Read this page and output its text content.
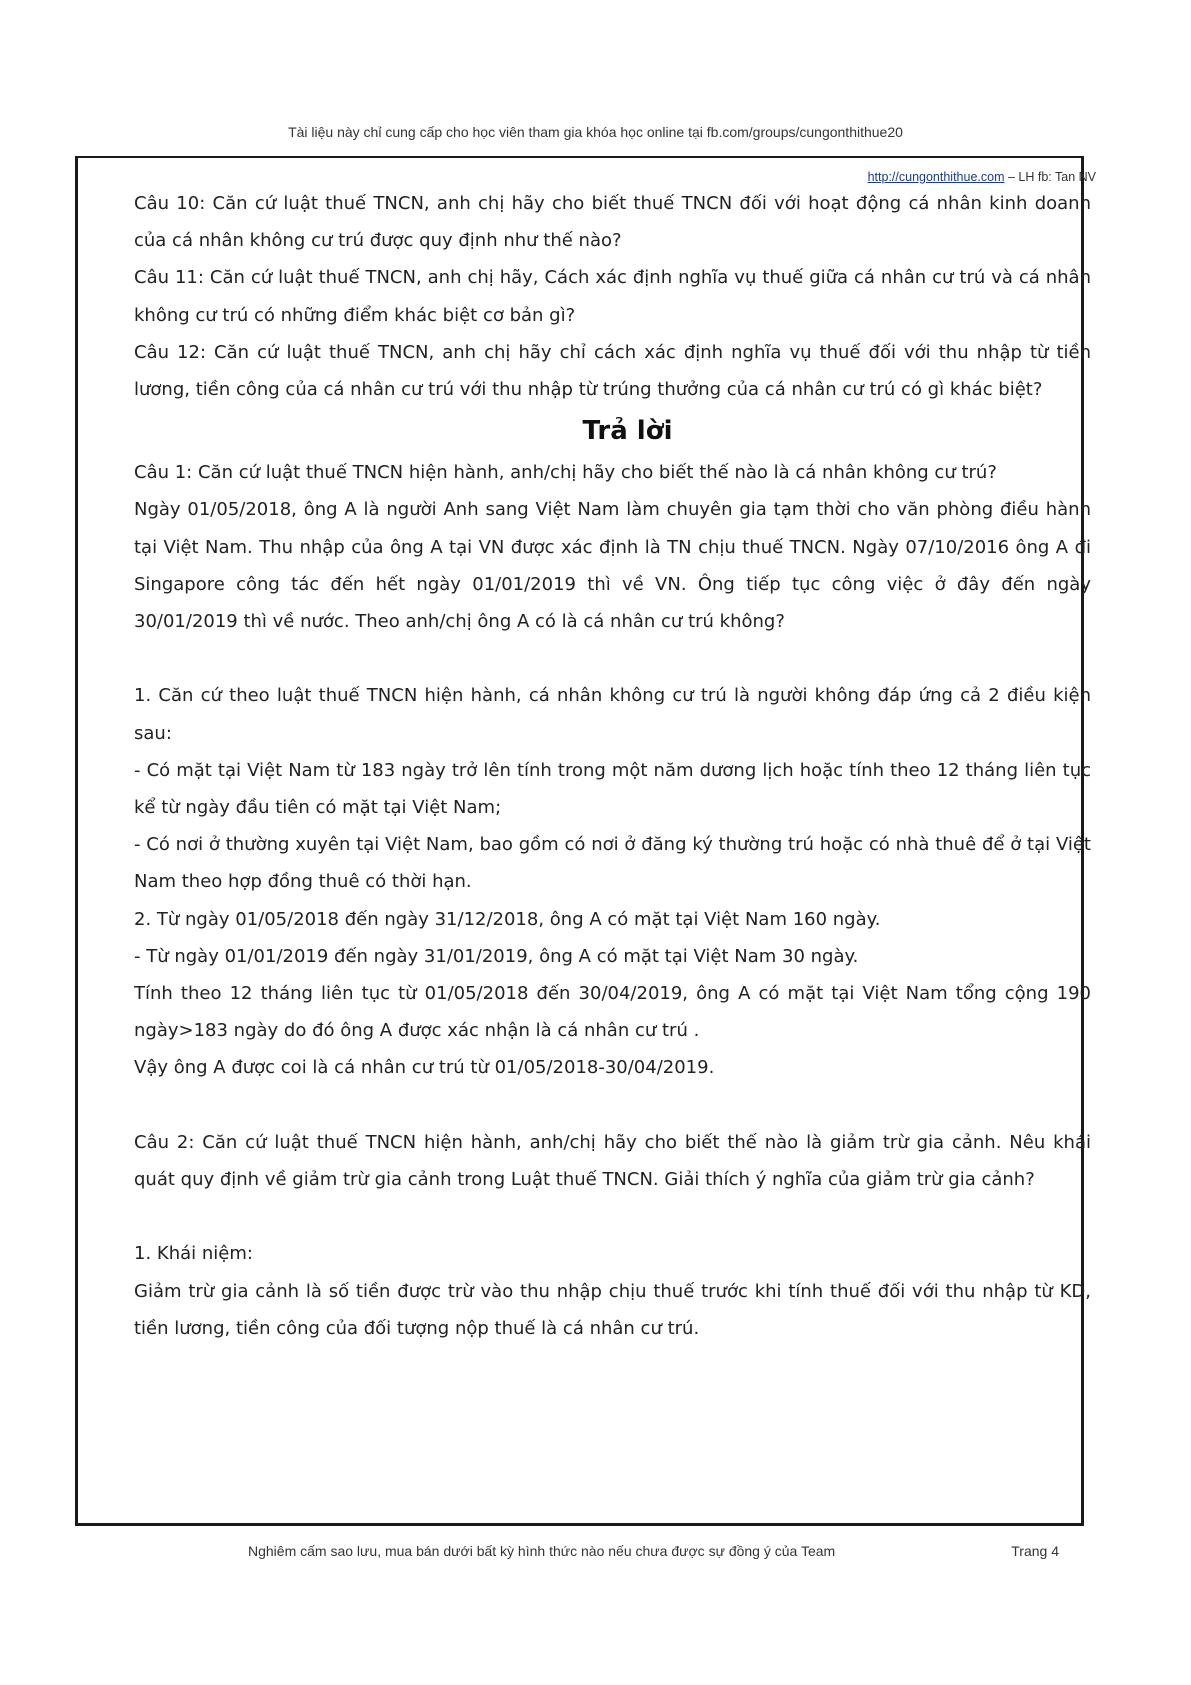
Tài liệu này chỉ cung cấp cho học viên tham gia khóa học online tại fb.com/groups/cungonthithue20
http://cungonthithue.com – LH fb: Tan NV

Câu 10: Căn cứ luật thuế TNCN, anh chị hãy cho biết thuế TNCN đối với hoạt động cá nhân kinh doanh của cá nhân không cư trú được quy định như thế nào?

Câu 11: Căn cứ luật thuế TNCN, anh chị hãy, Cách xác định nghĩa vụ thuế giữa cá nhân cư trú và cá nhân không cư trú có những điểm khác biệt cơ bản gì?

Câu 12: Căn cứ luật thuế TNCN, anh chị hãy chỉ cách xác định nghĩa vụ thuế đối với thu nhập từ tiền lương, tiền công của cá nhân cư trú với thu nhập từ trúng thưởng của cá nhân cư trú có gì khác biệt?

Trả lời

Câu 1: Căn cứ luật thuế TNCN hiện hành, anh/chị hãy cho biết thế nào là cá nhân không cư trú?

Ngày 01/05/2018, ông A là người Anh sang Việt Nam làm chuyên gia tạm thời cho văn phòng điều hành tại Việt Nam. Thu nhập của ông A tại VN được xác định là TN chịu thuế TNCN. Ngày 07/10/2016 ông A đi Singapore công tác đến hết ngày 01/01/2019 thì về VN. Ông tiếp tục công việc ở đây đến ngày 30/01/2019 thì về nước. Theo anh/chị ông A có là cá nhân cư trú không?

1. Căn cứ theo luật thuế TNCN hiện hành, cá nhân không cư trú là người không đáp ứng cả 2 điều kiện sau:

- Có mặt tại Việt Nam từ 183 ngày trở lên tính trong một năm dương lịch hoặc tính theo 12 tháng liên tục kể từ ngày đầu tiên có mặt tại Việt Nam;

- Có nơi ở thường xuyên tại Việt Nam, bao gồm có nơi ở đăng ký thường trú hoặc có nhà thuê để ở tại Việt Nam theo hợp đồng thuê có thời hạn.

2. Từ ngày 01/05/2018 đến ngày 31/12/2018, ông A có mặt tại Việt Nam 160 ngày.

- Từ ngày 01/01/2019 đến ngày 31/01/2019, ông A có mặt tại Việt Nam 30 ngày.

Tính theo 12 tháng liên tục từ 01/05/2018 đến 30/04/2019, ông A có mặt tại Việt Nam tổng cộng 190 ngày>183 ngày do đó ông A được xác nhận là cá nhân cư trú .

Vậy ông A được coi là cá nhân cư trú từ 01/05/2018-30/04/2019.

Câu 2: Căn cứ luật thuế TNCN hiện hành, anh/chị hãy cho biết thế nào là giảm trừ gia cảnh. Nêu khái quát quy định về giảm trừ gia cảnh trong Luật thuế TNCN. Giải thích ý nghĩa của giảm trừ gia cảnh?

1. Khái niệm:

Giảm trừ gia cảnh là số tiền được trừ vào thu nhập chịu thuế trước khi tính thuế đối với thu nhập từ KD, tiền lương, tiền công của đối tượng nộp thuế là cá nhân cư trú.

Nghiêm cấm sao lưu, mua bán dưới bất kỳ hình thức nào nếu chưa được sự đồng ý của Team	Trang 4
